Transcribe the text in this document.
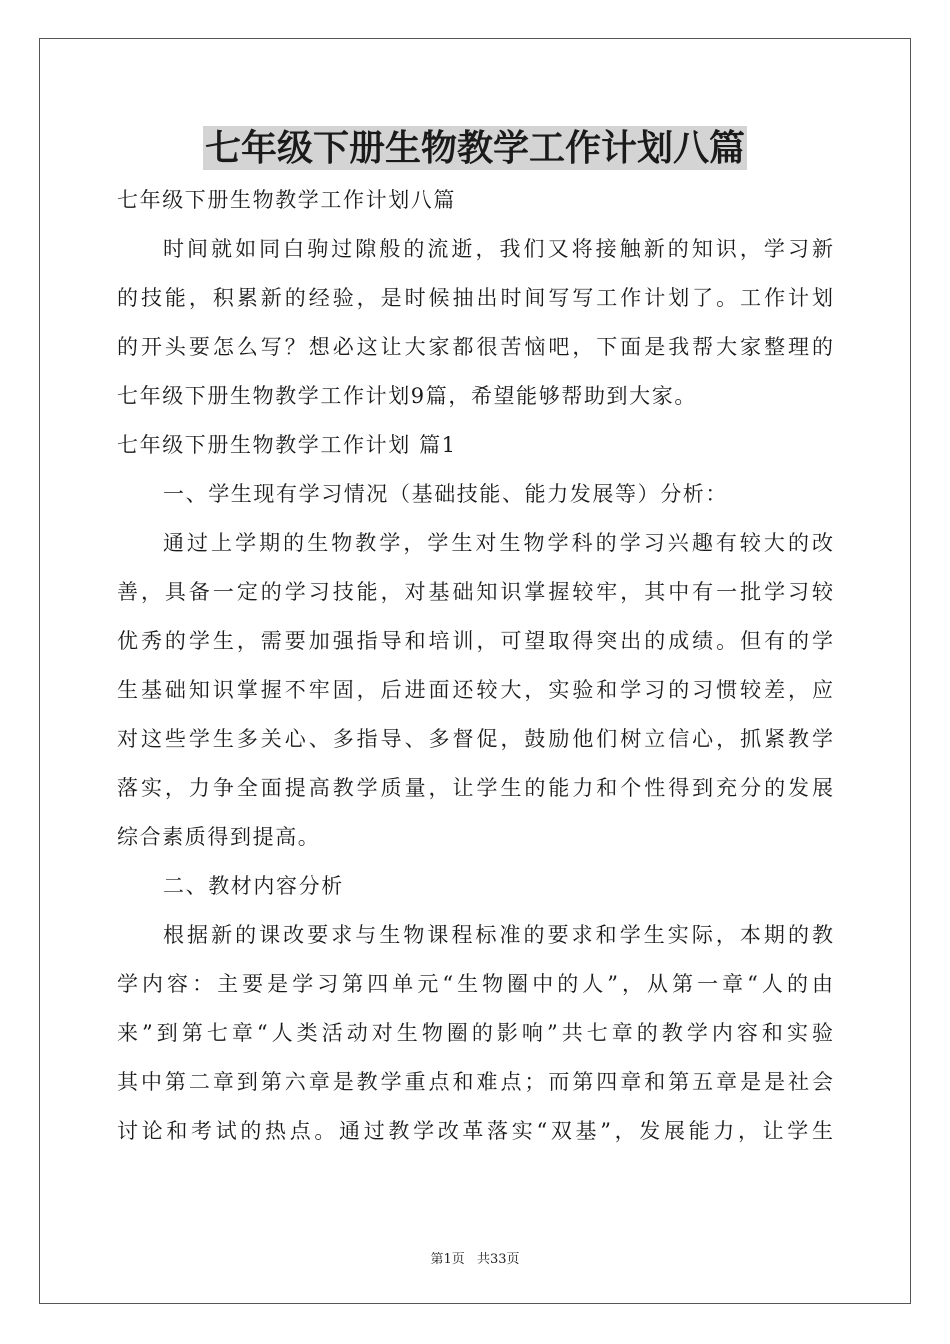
七年级下册生物教学工作计划八篇
七年级下册生物教学工作计划八篇
时间就如同白驹过隙般的流逝，我们又将接触新的知识，学习新
的技能，积累新的经验，是时候抽出时间写写工作计划了。工作计划
的开头要怎么写？想必这让大家都很苦恼吧，下面是我帮大家整理的
七年级下册生物教学工作计划9篇，希望能够帮助到大家。
七年级下册生物教学工作计划 篇1
一、学生现有学习情况（基础技能、能力发展等）分析：
通过上学期的生物教学，学生对生物学科的学习兴趣有较大的改
善，具备一定的学习技能，对基础知识掌握较牢，其中有一批学习较
优秀的学生，需要加强指导和培训，可望取得突出的成绩。但有的学
生基础知识掌握不牢固，后进面还较大，实验和学习的习惯较差，应
对这些学生多关心、多指导、多督促，鼓励他们树立信心，抓紧教学
落实，力争全面提高教学质量，让学生的能力和个性得到充分的发展
综合素质得到提高。
二、教材内容分析
根据新的课改要求与生物课程标准的要求和学生实际，本期的教
学内容：主要是学习第四单元“生物圈中的人”，从第一章“人的由
来”到第七章“人类活动对生物圈的影响”共七章的教学内容和实验
其中第二章到第六章是教学重点和难点；而第四章和第五章是是社会
讨论和考试的热点。通过教学改革落实“双基”，发展能力，让学生
第1页 共33页
